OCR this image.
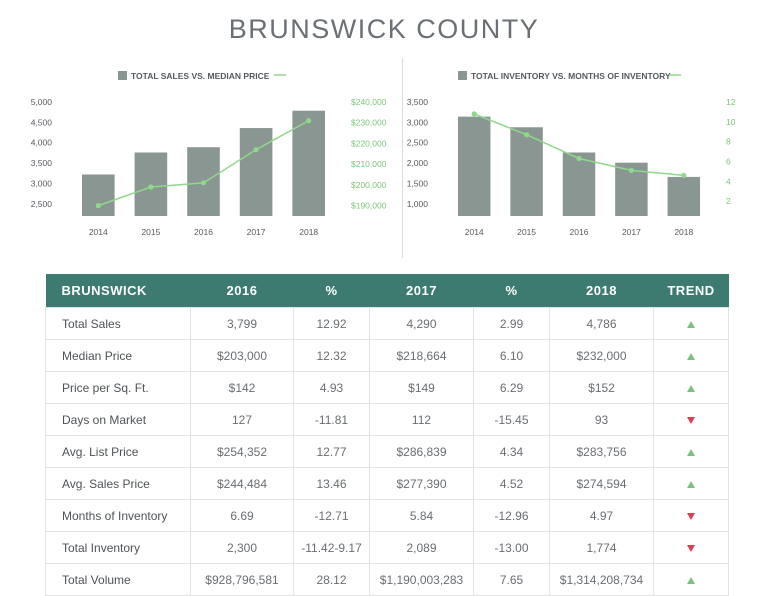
BRUNSWICK COUNTY
TOTAL SALES VS. MEDIAN PRICE
2,500
3,000
3,500
4,000
4,500
5,000
$190,000
$200,000
$210,000
$220,000
$230,000
$240,000
2014	2015	2016	2017	2018
TOTAL INVENTORY VS. MONTHS OF INVENTORY
1,000
1,500
2,000
2,500
3,000
3,500
2
4
6
8
10
12
2014	2015	2016	2017	2018
BRUNSWICK	2016	%	2017	%	2018	TREND
Total Sales	3,799	12.92	4,290	2.99	4,786	
Median Price	$203,000	12.32	$218,664	6.10	$232,000	
Price per Sq. Ft.	$142	4.93	$149	6.29	$152	
Days on Market	127	-11.81	112	-15.45	93	
Avg. List Price	$254,352	12.77	$286,839	4.34	$283,756	
Avg. Sales Price	$244,484	13.46	$277,390	4.52	$274,594	
Months of Inventory	6.69	-12.71	5.84	-12.96	4.97	
Total Inventory	2,300	-11.42-9.17	2,089	-13.00	1,774	
Total Volume	$928,796,581	28.12	$1,190,003,283	7.65	$1,314,208,734	
